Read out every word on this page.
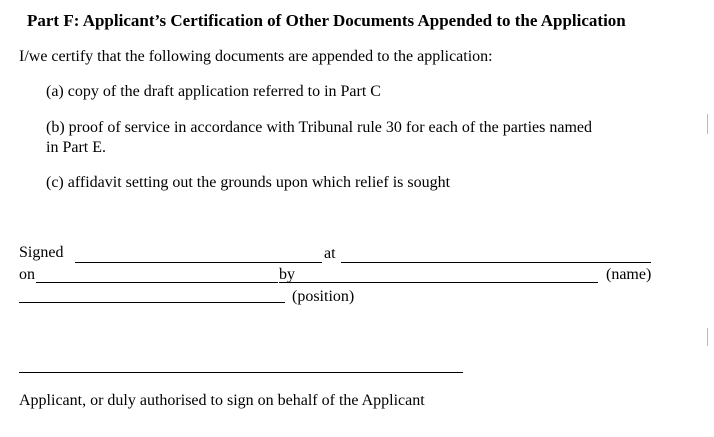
Part F: Applicant’s Certification of Other Documents Appended to the Application
I/we certify that the following documents are appended to the application:
(a) copy of the draft application referred to in Part C
(b) proof of service in accordance with Tribunal rule 30 for each of the parties named
in Part E.
(c) affidavit setting out the grounds upon which relief is sought
Signed	at
on	by	(name)
(position)
Applicant, or duly authorised to sign on behalf of the Applicant
